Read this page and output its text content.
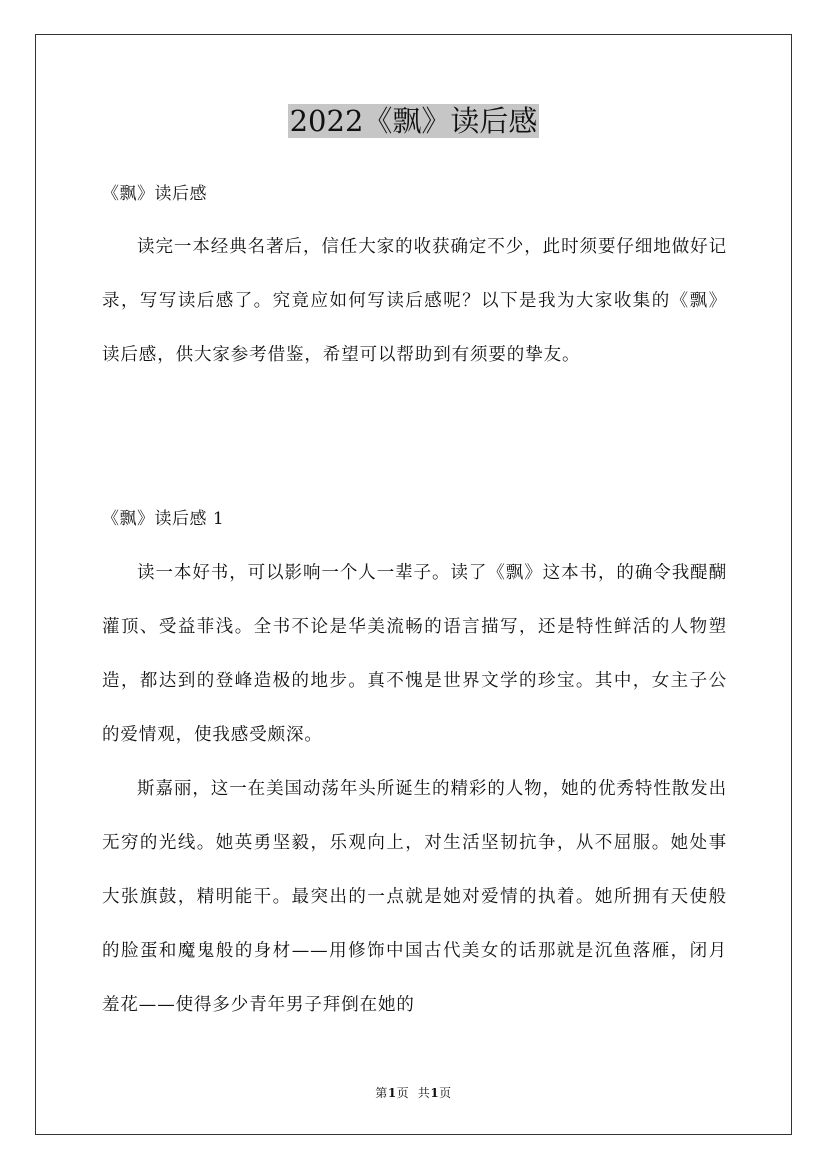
2022《飘》读后感
《飘》读后感

读完一本经典名著后，信任大家的收获确定不少，此时须要仔细地做好记录，写写读后感了。究竟应如何写读后感呢？以下是我为大家收集的《飘》读后感，供大家参考借鉴，希望可以帮助到有须要的挚友。

《飘》读后感 1

读一本好书，可以影响一个人一辈子。读了《飘》这本书，的确令我醍醐灌顶、受益菲浅。全书不论是华美流畅的语言描写，还是特性鲜活的人物塑造，都达到的登峰造极的地步。真不愧是世界文学的珍宝。其中，女主子公的爱情观，使我感受颇深。

斯嘉丽，这一在美国动荡年头所诞生的精彩的人物，她的优秀特性散发出无穷的光线。她英勇坚毅，乐观向上，对生活坚韧抗争，从不屈服。她处事大张旗鼓，精明能干。最突出的一点就是她对爱情的执着。她所拥有天使般的脸蛋和魔鬼般的身材——用修饰中国古代美女的话那就是沉鱼落雁，闭月羞花——使得多少青年男子拜倒在她的

第1页  共1页
